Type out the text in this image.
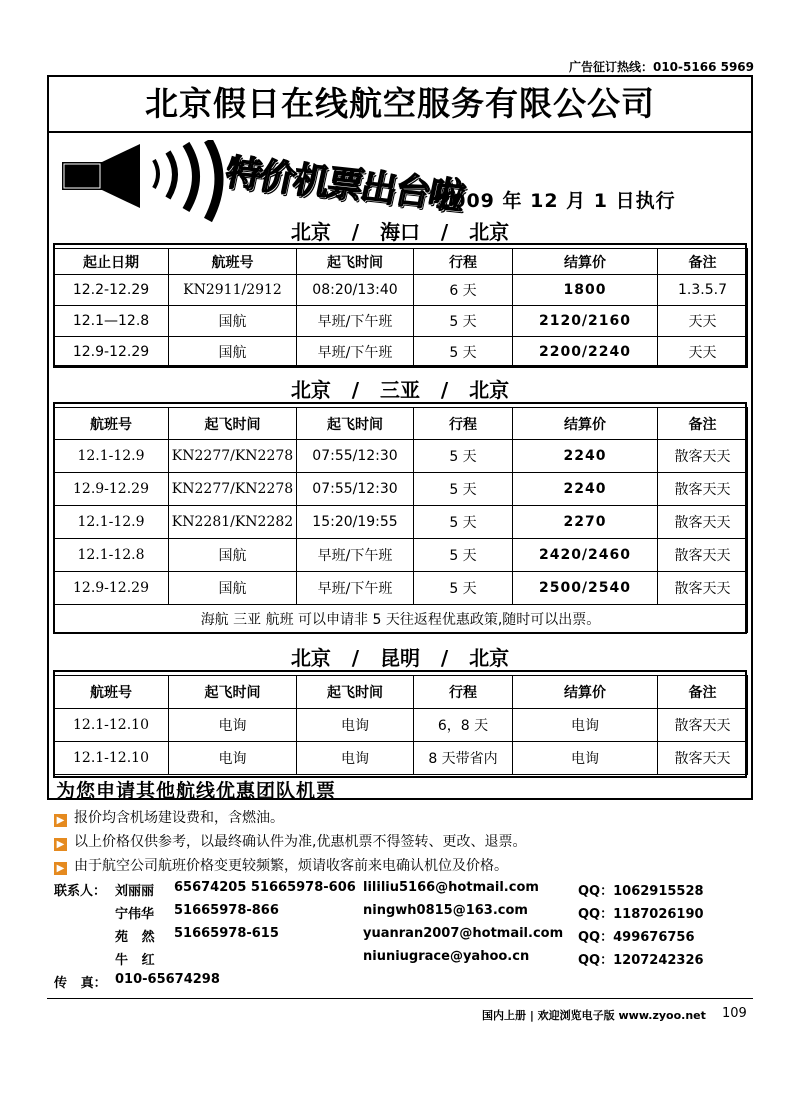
广告征订热线：010-5166 5969
北京假日在线航空服务有限公公司
特价机票出台啦
2009 年 12 月 1 日执行
北京   /   海口   /   北京
起止日期	航班号	起飞时间	行程	结算价	备注
12.2-12.29	KN2911/2912	08:20/13:40	6 天	1800	1.3.5.7
12.1—12.8	国航	早班/下午班	5 天	2120/2160	天天
12.9-12.29	国航	早班/下午班	5 天	2200/2240	天天
北京   /   三亚   /   北京
航班号	起飞时间	起飞时间	行程	结算价	备注
12.1-12.9	KN2277/KN2278	07:55/12:30	5 天	2240	散客天天
12.9-12.29	KN2277/KN2278	07:55/12:30	5 天	2240	散客天天
12.1-12.9	KN2281/KN2282	15:20/19:55	5 天	2270	散客天天
12.1-12.8	国航	早班/下午班	5 天	2420/2460	散客天天
12.9-12.29	国航	早班/下午班	5 天	2500/2540	散客天天
海航 三亚 航班 可以申请非 5 天往返程优惠政策,随时可以出票。					
北京   /   昆明   /   北京
航班号	起飞时间	起飞时间	行程	结算价	备注
12.1-12.10	电询	电询	6，8 天	电询	散客天天
12.1-12.10	电询	电询	8 天带省内	电询	散客天天
为您申请其他航线优惠团队机票
▶ 报价均含机场建设费和，含燃油。
▶ 以上价格仅供参考，以最终确认件为准,优惠机票不得签转、更改、退票。
▶ 由于航空公司航班价格变更较频繁，烦请收客前来电确认机位及价格。
联系人： 刘丽丽 65674205 51665978-606 lililiu5166@hotmail.com	QQ：1062915528
宁伟华 51665978-866	ningwh0815@163.com	QQ：1187026190
苑   然 51665978-615	yuanran2007@hotmail.com QQ：499676756
牛   红	niuniugrace@yahoo.cn	QQ：1207242326
传   真： 010-65674298
国内上册 | 欢迎浏览电子版 www.zyoo.net 109
